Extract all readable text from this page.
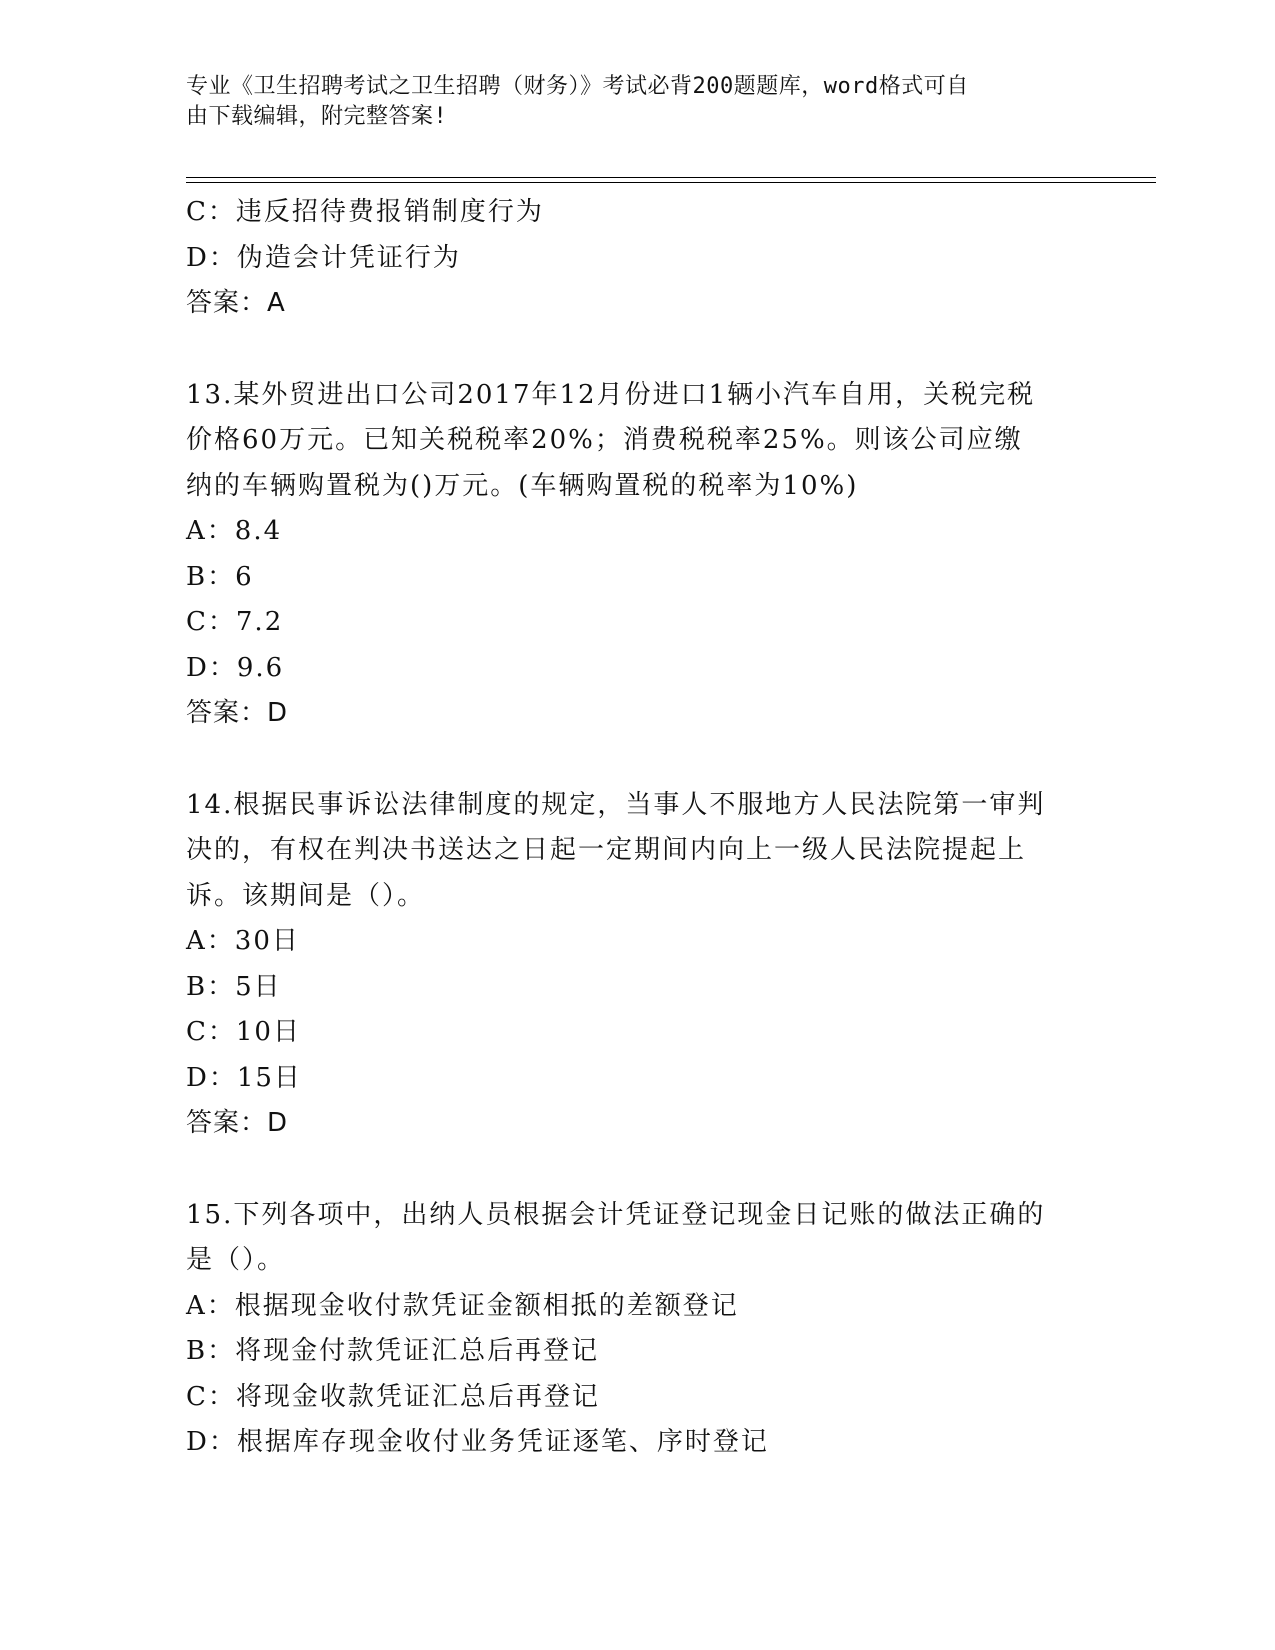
专业《卫生招聘考试之卫生招聘（财务）》考试必背200题题库，word格式可自
由下载编辑，附完整答案!
C：违反招待费报销制度行为
D：伪造会计凭证行为
答案：A
13.某外贸进出口公司2017年12月份进口1辆小汽车自用，关税完税
价格60万元。已知关税税率20%；消费税税率25%。则该公司应缴
纳的车辆购置税为()万元。(车辆购置税的税率为10%)
A：8.4
B：6
C：7.2
D：9.6
答案：D
14.根据民事诉讼法律制度的规定，当事人不服地方人民法院第一审判
决的，有权在判决书送达之日起一定期间内向上一级人民法院提起上
诉。该期间是（）。
A：30日
B：5日
C：10日
D：15日
答案：D
15.下列各项中，出纳人员根据会计凭证登记现金日记账的做法正确的
是（）。
A：根据现金收付款凭证金额相抵的差额登记
B：将现金付款凭证汇总后再登记
C：将现金收款凭证汇总后再登记
D：根据库存现金收付业务凭证逐笔、序时登记
